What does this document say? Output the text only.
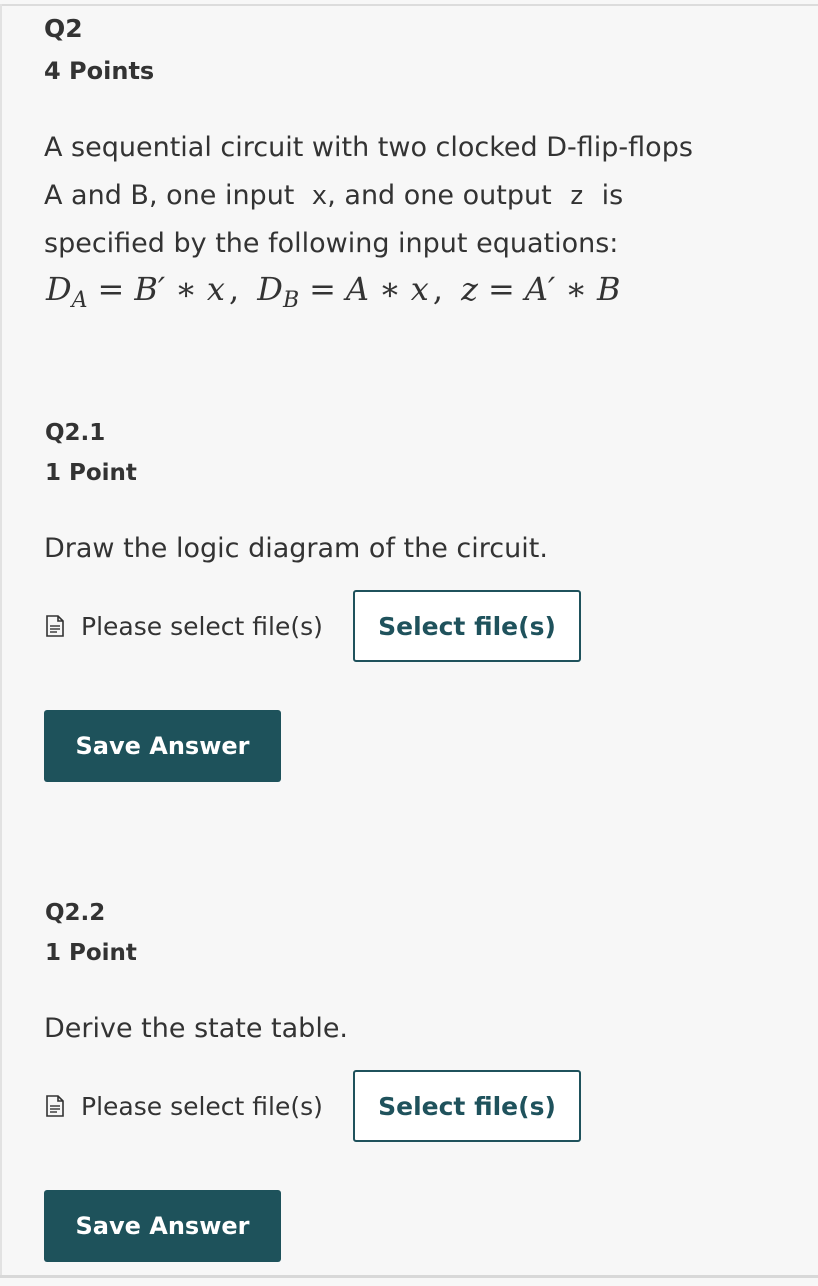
Q2
4 Points
A sequential circuit with two clocked D-flip-flops
A and B, one input x, and one output z is
specified by the following input equations:
$D_A = B'$ ∗ x , $D_B = A$ ∗ x , z = A′ ∗ B
Q2.1
1 Point
Draw the logic diagram of the circuit.
Please select file(s)	Select file(s)
Save Answer
Q2.2
1 Point
Derive the state table.
Please select file(s)	Select file(s)
Save Answer
